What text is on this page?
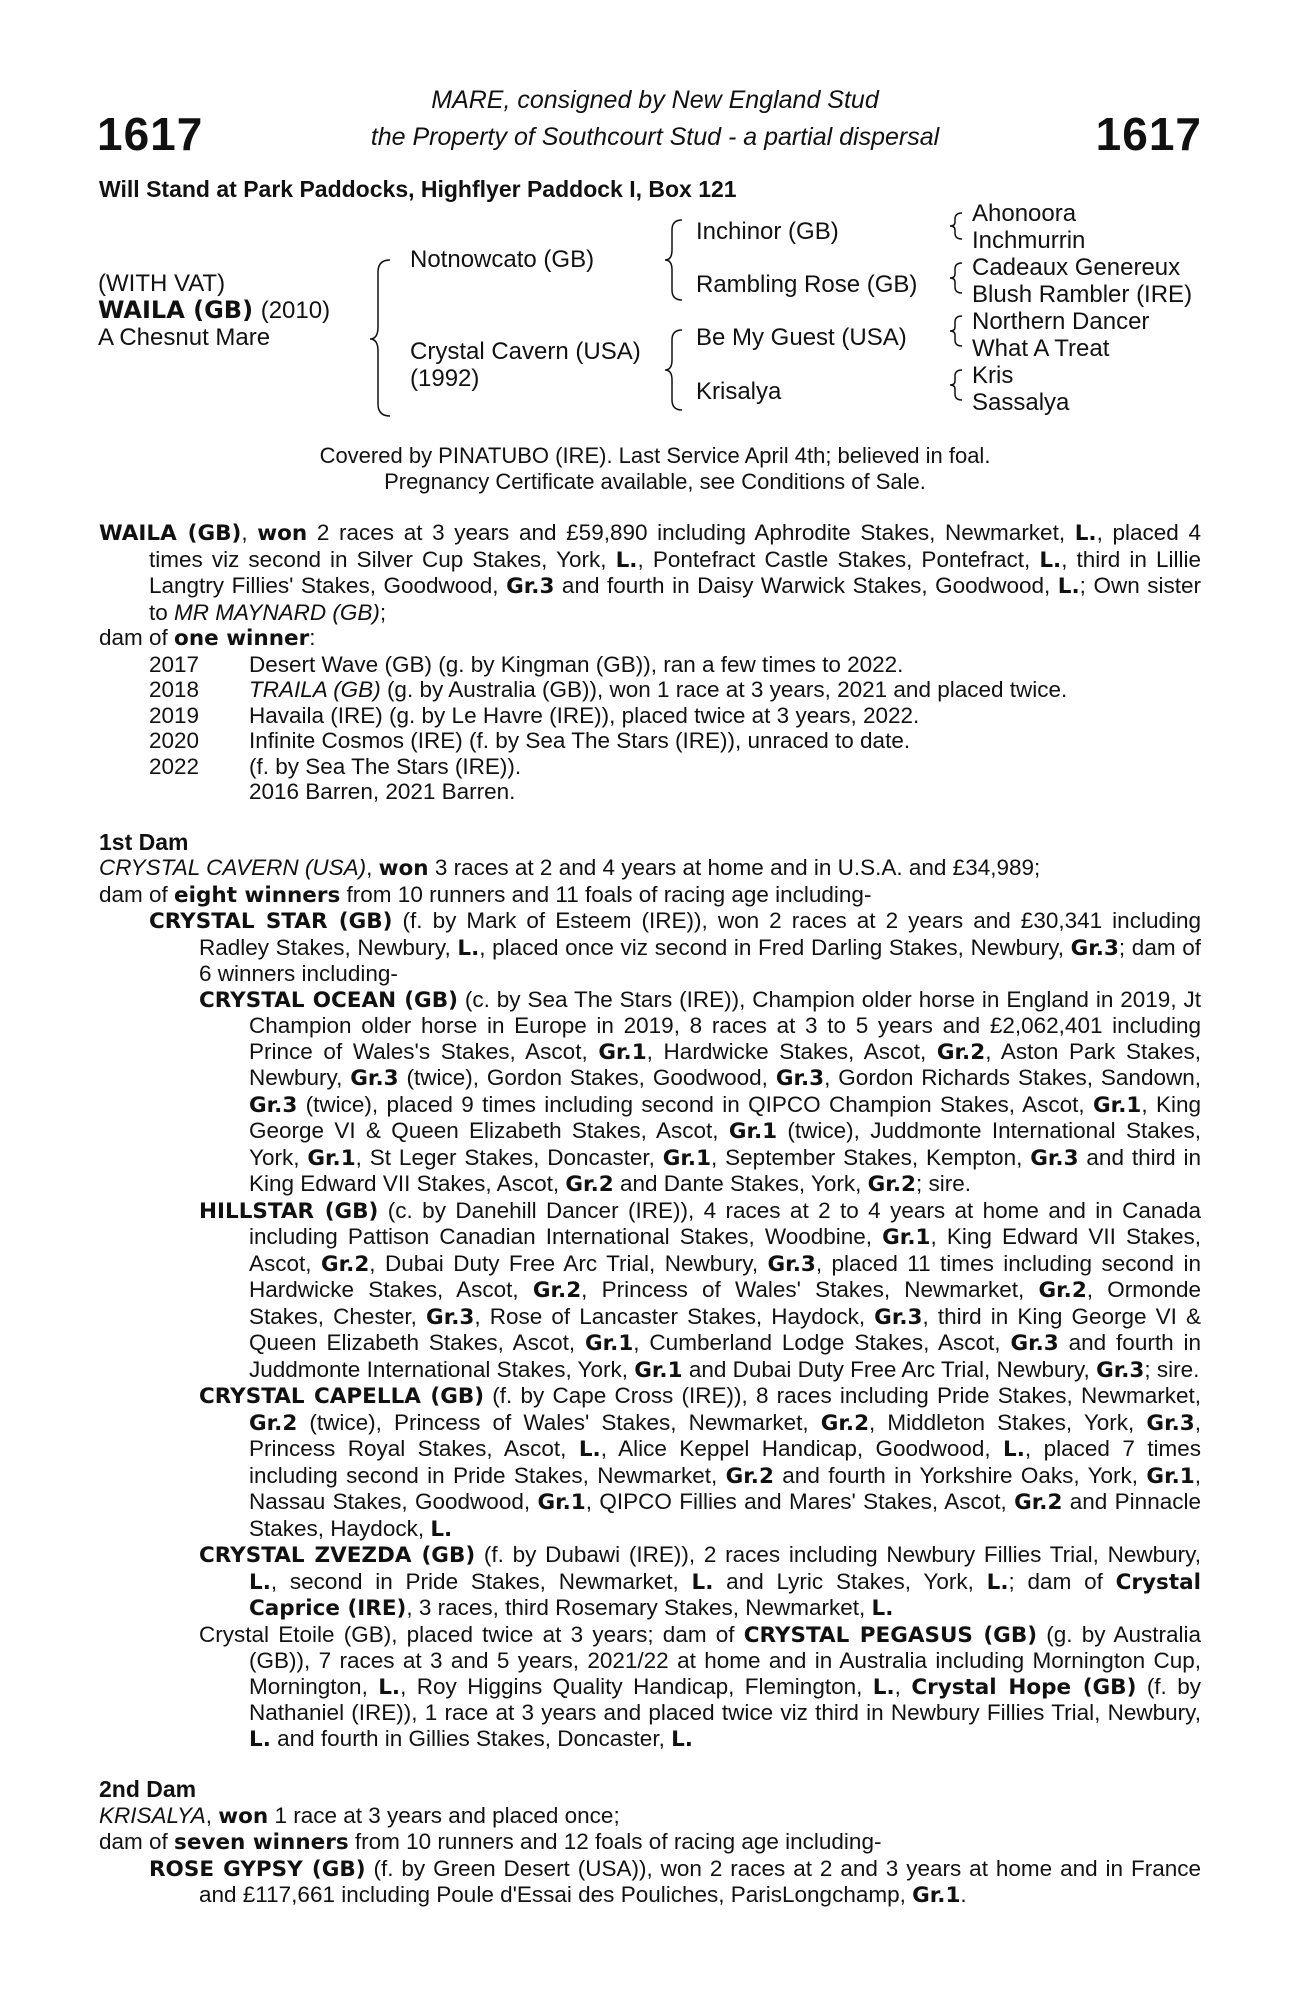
1617	1617
MARE, consigned by New England Stud
the Property of Southcourt Stud - a partial dispersal
Will Stand at Park Paddocks, Highflyer Paddock I, Box 121
(WITH VAT)
WAILA (GB) (2010)
A Chesnut Mare
Notnowcato (GB)
Crystal Cavern (USA)
(1992)
Inchinor (GB)
Rambling Rose (GB)
Be My Guest (USA)
Krisalya
Ahonoora
Inchmurrin
Cadeaux Genereux
Blush Rambler (IRE)
Northern Dancer
What A Treat
Kris
Sassalya
Covered by PINATUBO (IRE). Last Service April 4th; believed in foal.
Pregnancy Certificate available, see Conditions of Sale.

WAILA (GB), won 2 races at 3 years and £59,890 including Aphrodite Stakes, Newmarket, L., placed 4 times viz second in Silver Cup Stakes, York, L., Pontefract Castle Stakes, Pontefract, L., third in Lillie Langtry Fillies' Stakes, Goodwood, Gr.3 and fourth in Daisy Warwick Stakes, Goodwood, L.; Own sister to MR MAYNARD (GB);

dam of one winner:

2017	Desert Wave (GB) (g. by Kingman (GB)), ran a few times to 2022.
2018	TRAILA (GB) (g. by Australia (GB)), won 1 race at 3 years, 2021 and placed twice.
2019	Havaila (IRE) (g. by Le Havre (IRE)), placed twice at 3 years, 2022.
2020	Infinite Cosmos (IRE) (f. by Sea The Stars (IRE)), unraced to date.
2022	(f. by Sea The Stars (IRE)).
2016 Barren, 2021 Barren.

1st Dam

CRYSTAL CAVERN (USA), won 3 races at 2 and 4 years at home and in U.S.A. and £34,989;

dam of eight winners from 10 runners and 11 foals of racing age including-

CRYSTAL STAR (GB) (f. by Mark of Esteem (IRE)), won 2 races at 2 years and £30,341 including Radley Stakes, Newbury, L., placed once viz second in Fred Darling Stakes, Newbury, Gr.3; dam of 6 winners including-

CRYSTAL OCEAN (GB) (c. by Sea The Stars (IRE)), Champion older horse in England in 2019, Jt Champion older horse in Europe in 2019, 8 races at 3 to 5 years and £2,062,401 including Prince of Wales's Stakes, Ascot, Gr.1, Hardwicke Stakes, Ascot, Gr.2, Aston Park Stakes, Newbury, Gr.3 (twice), Gordon Stakes, Goodwood, Gr.3, Gordon Richards Stakes, Sandown, Gr.3 (twice), placed 9 times including second in QIPCO Champion Stakes, Ascot, Gr.1, King George VI & Queen Elizabeth Stakes, Ascot, Gr.1 (twice), Juddmonte International Stakes, York, Gr.1, St Leger Stakes, Doncaster, Gr.1, September Stakes, Kempton, Gr.3 and third in King Edward VII Stakes, Ascot, Gr.2 and Dante Stakes, York, Gr.2; sire.

HILLSTAR (GB) (c. by Danehill Dancer (IRE)), 4 races at 2 to 4 years at home and in Canada including Pattison Canadian International Stakes, Woodbine, Gr.1, King Edward VII Stakes, Ascot, Gr.2, Dubai Duty Free Arc Trial, Newbury, Gr.3, placed 11 times including second in Hardwicke Stakes, Ascot, Gr.2, Princess of Wales' Stakes, Newmarket, Gr.2, Ormonde Stakes, Chester, Gr.3, Rose of Lancaster Stakes, Haydock, Gr.3, third in King George VI & Queen Elizabeth Stakes, Ascot, Gr.1, Cumberland Lodge Stakes, Ascot, Gr.3 and fourth in Juddmonte International Stakes, York, Gr.1 and Dubai Duty Free Arc Trial, Newbury, Gr.3; sire.

CRYSTAL CAPELLA (GB) (f. by Cape Cross (IRE)), 8 races including Pride Stakes, Newmarket, Gr.2 (twice), Princess of Wales' Stakes, Newmarket, Gr.2, Middleton Stakes, York, Gr.3, Princess Royal Stakes, Ascot, L., Alice Keppel Handicap, Goodwood, L., placed 7 times including second in Pride Stakes, Newmarket, Gr.2 and fourth in Yorkshire Oaks, York, Gr.1, Nassau Stakes, Goodwood, Gr.1, QIPCO Fillies and Mares' Stakes, Ascot, Gr.2 and Pinnacle Stakes, Haydock, L.

CRYSTAL ZVEZDA (GB) (f. by Dubawi (IRE)), 2 races including Newbury Fillies Trial, Newbury, L., second in Pride Stakes, Newmarket, L. and Lyric Stakes, York, L.; dam of Crystal Caprice (IRE), 3 races, third Rosemary Stakes, Newmarket, L.

Crystal Etoile (GB), placed twice at 3 years; dam of CRYSTAL PEGASUS (GB) (g. by Australia (GB)), 7 races at 3 and 5 years, 2021/22 at home and in Australia including Mornington Cup, Mornington, L., Roy Higgins Quality Handicap, Flemington, L., Crystal Hope (GB) (f. by Nathaniel (IRE)), 1 race at 3 years and placed twice viz third in Newbury Fillies Trial, Newbury, L. and fourth in Gillies Stakes, Doncaster, L.

2nd Dam

KRISALYA, won 1 race at 3 years and placed once;

dam of seven winners from 10 runners and 12 foals of racing age including-

ROSE GYPSY (GB) (f. by Green Desert (USA)), won 2 races at 2 and 3 years at home and in France and £117,661 including Poule d'Essai des Pouliches, ParisLongchamp, Gr.1.
